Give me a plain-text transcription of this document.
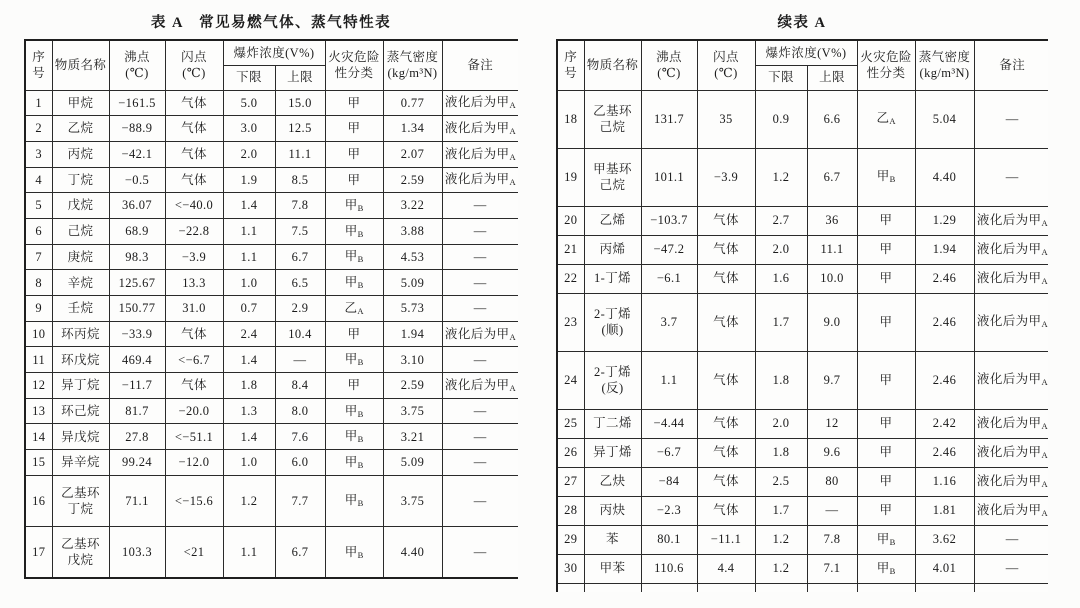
表 A　常见易燃气体、蒸气特性表
序号	物质名称	沸点
(℃)	闪点
(℃)	爆炸浓度(V%)		火灾危险
性分类	蒸气密度
(kg/m³N)	备注
				下限	上限			
1	甲烷	−161.5	气体	5.0	15.0	甲	0.77	液化后为甲$_A$
2	乙烷	−88.9	气体	3.0	12.5	甲	1.34	液化后为甲$_A$
3	丙烷	−42.1	气体	2.0	11.1	甲	2.07	液化后为甲$_A$
4	丁烷	−0.5	气体	1.9	8.5	甲	2.59	液化后为甲$_A$
5	戊烷	36.07	<−40.0	1.4	7.8	甲$_B$	3.22	—
6	己烷	68.9	−22.8	1.1	7.5	甲$_B$	3.88	—
7	庚烷	98.3	−3.9	1.1	6.7	甲$_B$	4.53	—
8	辛烷	125.67	13.3	1.0	6.5	甲$_B$	5.09	—
9	壬烷	150.77	31.0	0.7	2.9	乙$_A$	5.73	—
10	环丙烷	−33.9	气体	2.4	10.4	甲	1.94	液化后为甲$_A$
11	环戊烷	469.4	<−6.7	1.4	—	甲$_B$	3.10	—
12	异丁烷	−11.7	气体	1.8	8.4	甲	2.59	液化后为甲$_A$
13	环己烷	81.7	−20.0	1.3	8.0	甲$_B$	3.75	—
14	异戊烷	27.8	<−51.1	1.4	7.6	甲$_B$	3.21	—
15	异辛烷	99.24	−12.0	1.0	6.0	甲$_B$	5.09	—
16	乙基环
丁烷	71.1	<−15.6	1.2	7.7	甲$_B$	3.75	—
17	乙基环
戊烷	103.3	<21	1.1	6.7	甲$_B$	4.40	—
续表 A
序号	物质名称	沸点
(℃)	闪点
(℃)	爆炸浓度(V%)		火灾危险
性分类	蒸气密度
(kg/m³N)	备注
				下限	上限			
18	乙基环
己烷	131.7	35	0.9	6.6	乙$_A$	5.04	—
19	甲基环
己烷	101.1	−3.9	1.2	6.7	甲$_B$	4.40	—
20	乙烯	−103.7	气体	2.7	36	甲	1.29	液化后为甲$_A$
21	丙烯	−47.2	气体	2.0	11.1	甲	1.94	液化后为甲$_A$
22	1-丁烯	−6.1	气体	1.6	10.0	甲	2.46	液化后为甲$_A$
23	2-丁烯
(顺)	3.7	气体	1.7	9.0	甲	2.46	液化后为甲$_A$
24	2-丁烯
(反)	1.1	气体	1.8	9.7	甲	2.46	液化后为甲$_A$
25	丁二烯	−4.44	气体	2.0	12	甲	2.42	液化后为甲$_A$
26	异丁烯	−6.7	气体	1.8	9.6	甲	2.46	液化后为甲$_A$
27	乙炔	−84	气体	2.5	80	甲	1.16	液化后为甲$_A$
28	丙炔	−2.3	气体	1.7	—	甲	1.81	液化后为甲$_A$
29	苯	80.1	−11.1	1.2	7.8	甲$_B$	3.62	—
30	甲苯	110.6	4.4	1.2	7.1	甲$_B$	4.01	—
